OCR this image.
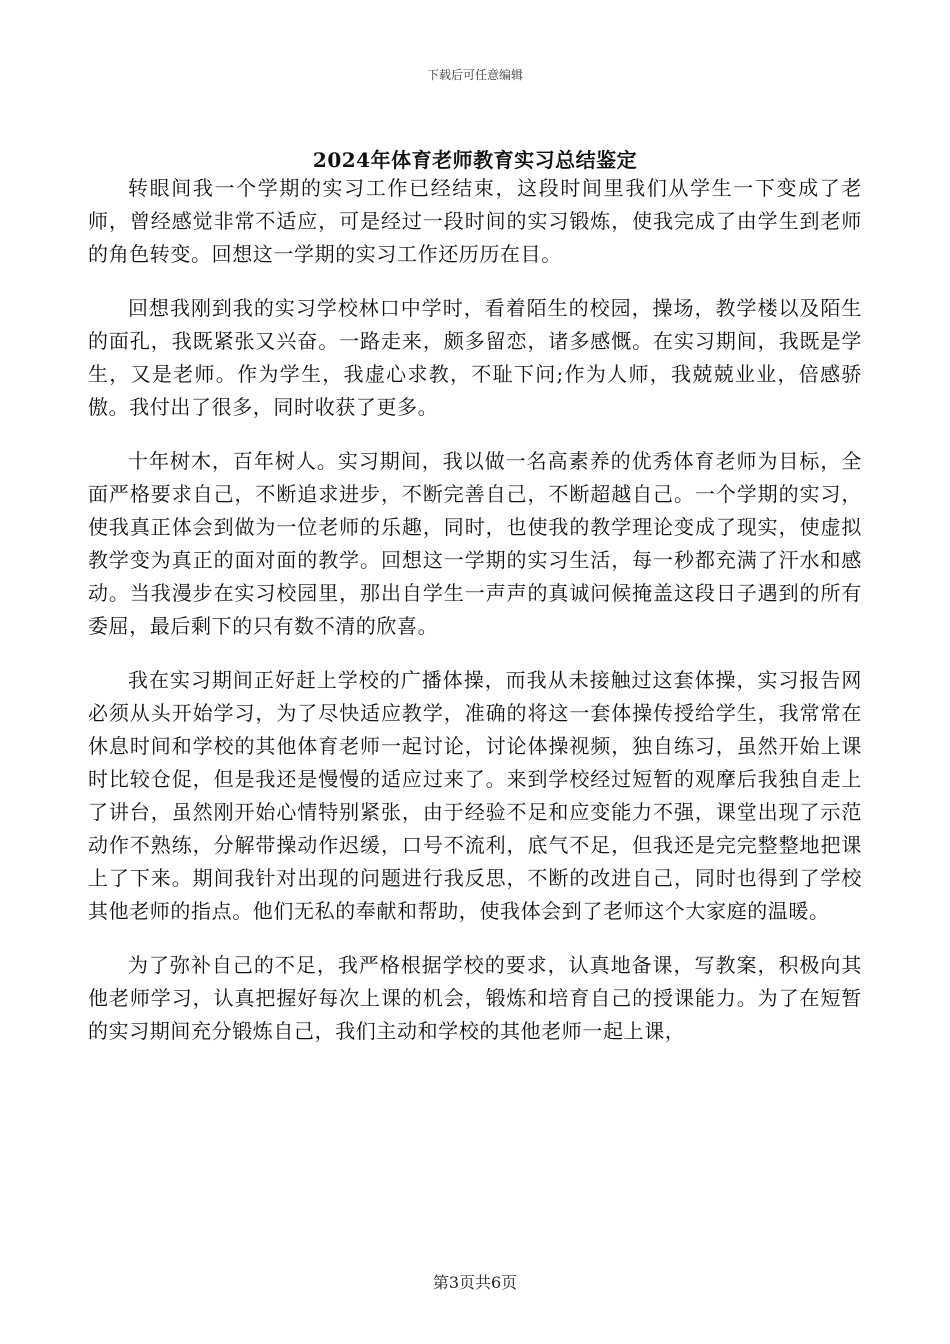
下载后可任意编辑
2024年体育老师教育实习总结鉴定

转眼间我一个学期的实习工作已经结束，这段时间里我们从学生一下变成了老师，曾经感觉非常不适应，可是经过一段时间的实习锻炼，使我完成了由学生到老师的角色转变。回想这一学期的实习工作还历历在目。

回想我刚到我的实习学校林口中学时，看着陌生的校园，操场，教学楼以及陌生的面孔，我既紧张又兴奋。一路走来，颇多留恋，诸多感慨。在实习期间，我既是学生，又是老师。作为学生，我虚心求教，不耻下问;作为人师，我兢兢业业，倍感骄傲。我付出了很多，同时收获了更多。

十年树木，百年树人。实习期间，我以做一名高素养的优秀体育老师为目标，全面严格要求自己，不断追求进步，不断完善自己，不断超越自己。一个学期的实习，使我真正体会到做为一位老师的乐趣，同时，也使我的教学理论变成了现实，使虚拟教学变为真正的面对面的教学。回想这一学期的实习生活，每一秒都充满了汗水和感动。当我漫步在实习校园里，那出自学生一声声的真诚问候掩盖这段日子遇到的所有委屈，最后剩下的只有数不清的欣喜。

我在实习期间正好赶上学校的广播体操，而我从未接触过这套体操，实习报告网必须从头开始学习，为了尽快适应教学，准确的将这一套体操传授给学生，我常常在休息时间和学校的其他体育老师一起讨论，讨论体操视频，独自练习，虽然开始上课时比较仓促，但是我还是慢慢的适应过来了。来到学校经过短暂的观摩后我独自走上了讲台，虽然刚开始心情特别紧张，由于经验不足和应变能力不强，课堂出现了示范动作不熟练，分解带操动作迟缓，口号不流利，底气不足，但我还是完完整整地把课上了下来。期间我针对出现的问题进行我反思，不断的改进自己，同时也得到了学校其他老师的指点。他们无私的奉献和帮助，使我体会到了老师这个大家庭的温暖。

为了弥补自己的不足，我严格根据学校的要求，认真地备课，写教案，积极向其他老师学习，认真把握好每次上课的机会，锻炼和培育自己的授课能力。为了在短暂的实习期间充分锻炼自己，我们主动和学校的其他老师一起上课，

第3页共6页
